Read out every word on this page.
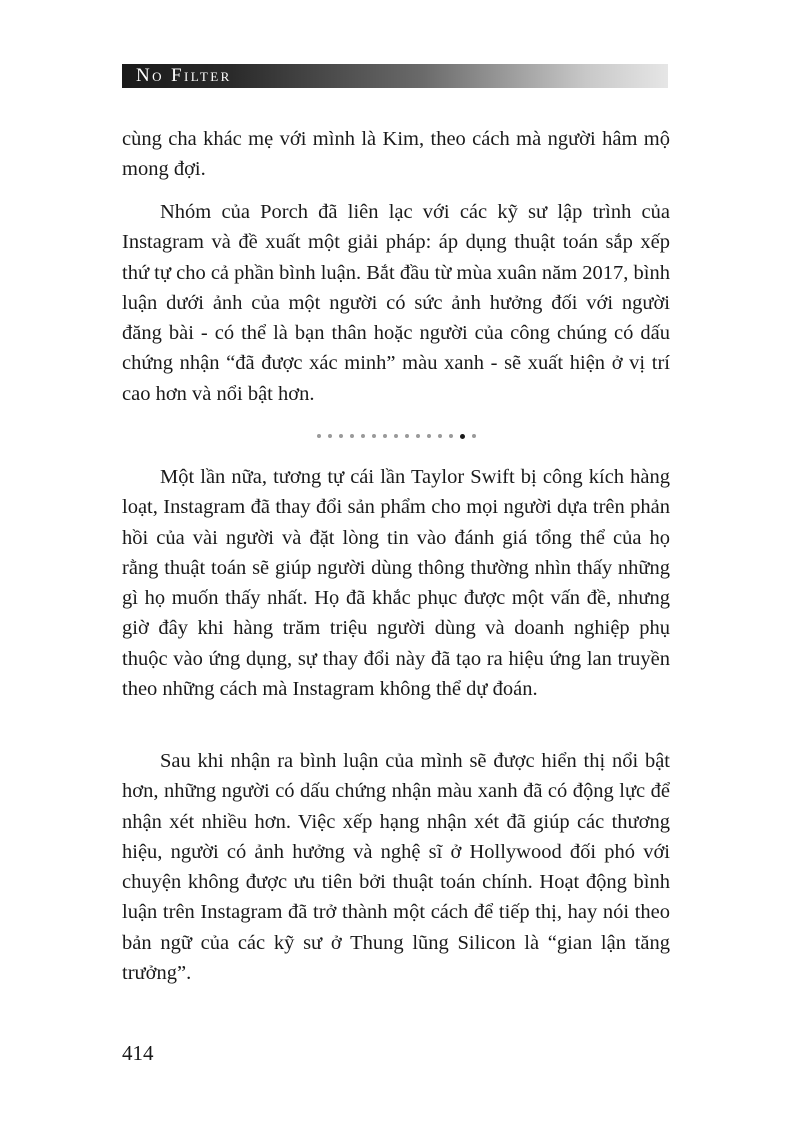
No Filter

cùng cha khác mẹ với mình là Kim, theo cách mà người hâm mộ mong đợi.

Nhóm của Porch đã liên lạc với các kỹ sư lập trình của Instagram và đề xuất một giải pháp: áp dụng thuật toán sắp xếp thứ tự cho cả phần bình luận. Bắt đầu từ mùa xuân năm 2017, bình luận dưới ảnh của một người có sức ảnh hưởng đối với người đăng bài - có thể là bạn thân hoặc người của công chúng có dấu chứng nhận “đã được xác minh” màu xanh - sẽ xuất hiện ở vị trí cao hơn và nổi bật hơn.

Một lần nữa, tương tự cái lần Taylor Swift bị công kích hàng loạt, Instagram đã thay đổi sản phẩm cho mọi người dựa trên phản hồi của vài người và đặt lòng tin vào đánh giá tổng thể của họ rằng thuật toán sẽ giúp người dùng thông thường nhìn thấy những gì họ muốn thấy nhất. Họ đã khắc phục được một vấn đề, nhưng giờ đây khi hàng trăm triệu người dùng và doanh nghiệp phụ thuộc vào ứng dụng, sự thay đổi này đã tạo ra hiệu ứng lan truyền theo những cách mà Instagram không thể dự đoán.

Sau khi nhận ra bình luận của mình sẽ được hiển thị nổi bật hơn, những người có dấu chứng nhận màu xanh đã có động lực để nhận xét nhiều hơn. Việc xếp hạng nhận xét đã giúp các thương hiệu, người có ảnh hưởng và nghệ sĩ ở Hollywood đối phó với chuyện không được ưu tiên bởi thuật toán chính. Hoạt động bình luận trên Instagram đã trở thành một cách để tiếp thị, hay nói theo bản ngữ của các kỹ sư ở Thung lũng Silicon là “gian lận tăng trưởng”.

414
